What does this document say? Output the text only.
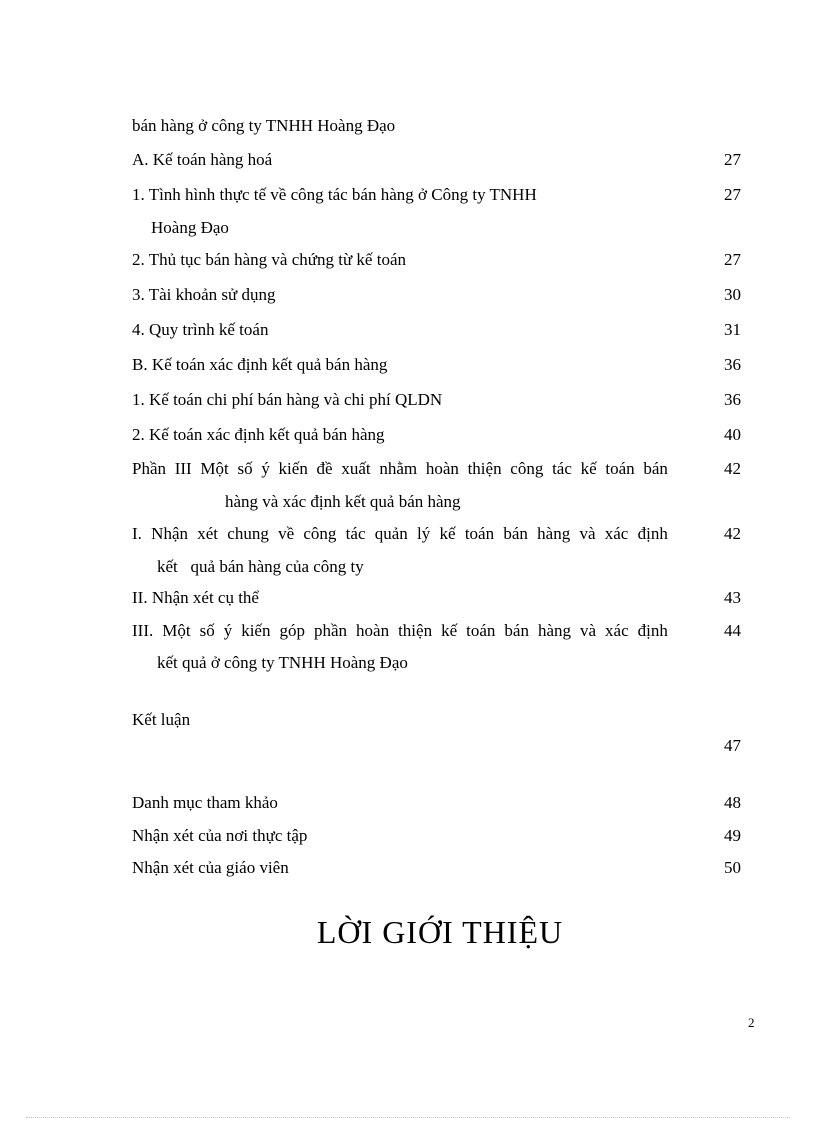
bán hàng ở công ty TNHH Hoàng Đạo

A. Kế toán hàng hoá	27

1. Tình hình thực tế về công tác bán hàng ở Công ty TNHH	27

Hoàng Đạo

2. Thủ tục bán hàng và chứng từ kế toán	27

3. Tài khoản sử dụng	30

4. Quy trình kế toán	31

B. Kế toán xác định kết quả bán hàng	36

1. Kế toán chi phí bán hàng và chi phí QLDN	36

2. Kế toán xác định kết quả bán hàng	40

Phần III Một số ý kiến đề xuất nhằm hoàn thiện công tác kế toán bán	42

hàng và xác định kết quả bán hàng

I. Nhận xét chung về công tác quản lý kế toán bán hàng và xác định	42

kết   quả bán hàng của công ty

II. Nhận xét cụ thể	43

III. Một số ý kiến góp phần hoàn thiện kế toán bán hàng và xác định	44

kết quả ở công ty TNHH Hoàng Đạo

Kết luận

47

Danh mục tham khảo	48

Nhận xét của nơi thực tập	49

Nhận xét của giáo viên	50

LỜI GIỚI THIỆU
2
